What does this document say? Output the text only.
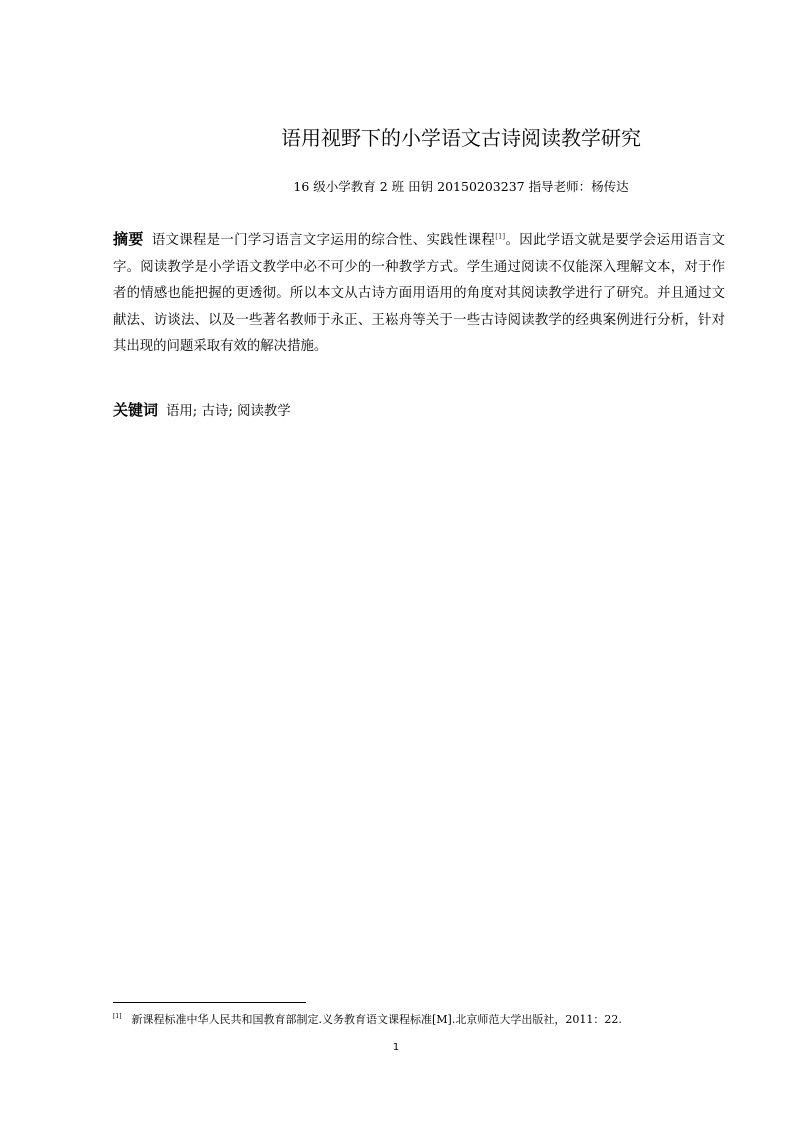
语用视野下的小学语文古诗阅读教学研究
16 级小学教育 2 班 田钥 20150203237 指导老师：杨传达
摘要 语文课程是一门学习语言文字运用的综合性、实践性课程[1]。因此学语文就是要学会运用语言文字。阅读教学是小学语文教学中必不可少的一种教学方式。学生通过阅读不仅能深入理解文本，对于作者的情感也能把握的更透彻。所以本文从古诗方面用语用的角度对其阅读教学进行了研究。并且通过文献法、访谈法、以及一些著名教师于永正、王崧舟等关于一些古诗阅读教学的经典案例进行分析，针对其出现的问题采取有效的解决措施。
关键词 语用; 古诗; 阅读教学
[1] 新课程标准中华人民共和国教育部制定.义务教育语文课程标准[M].北京师范大学出版社，2011：22.
1
